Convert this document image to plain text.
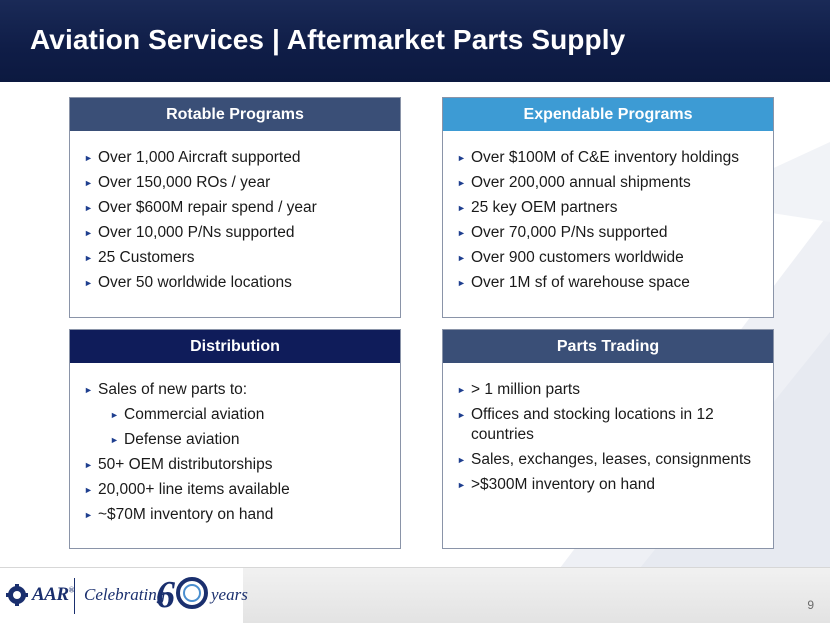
Aviation Services | Aftermarket Parts Supply
Rotable Programs
► Over 1,000 Aircraft supported
► Over 150,000 ROs / year
► Over $600M repair spend / year
► Over 10,000 P/Ns supported
► 25 Customers
► Over 50 worldwide locations
Expendable Programs
► Over $100M of C&E inventory holdings
► Over 200,000 annual shipments
► 25 key OEM partners
► Over 70,000 P/Ns supported
► Over 900 customers worldwide
► Over 1M sf of warehouse space
Distribution
► Sales of new parts to:
► Commercial aviation
► Defense aviation
► 50+ OEM distributorships
► 20,000+ line items available
► ~$70M inventory on hand
Parts Trading
► > 1 million parts
► Offices and stocking locations in 12 countries
► Sales, exchanges, leases, consignments
► >$300M inventory on hand
AAR® Celebrating
6 years
9
